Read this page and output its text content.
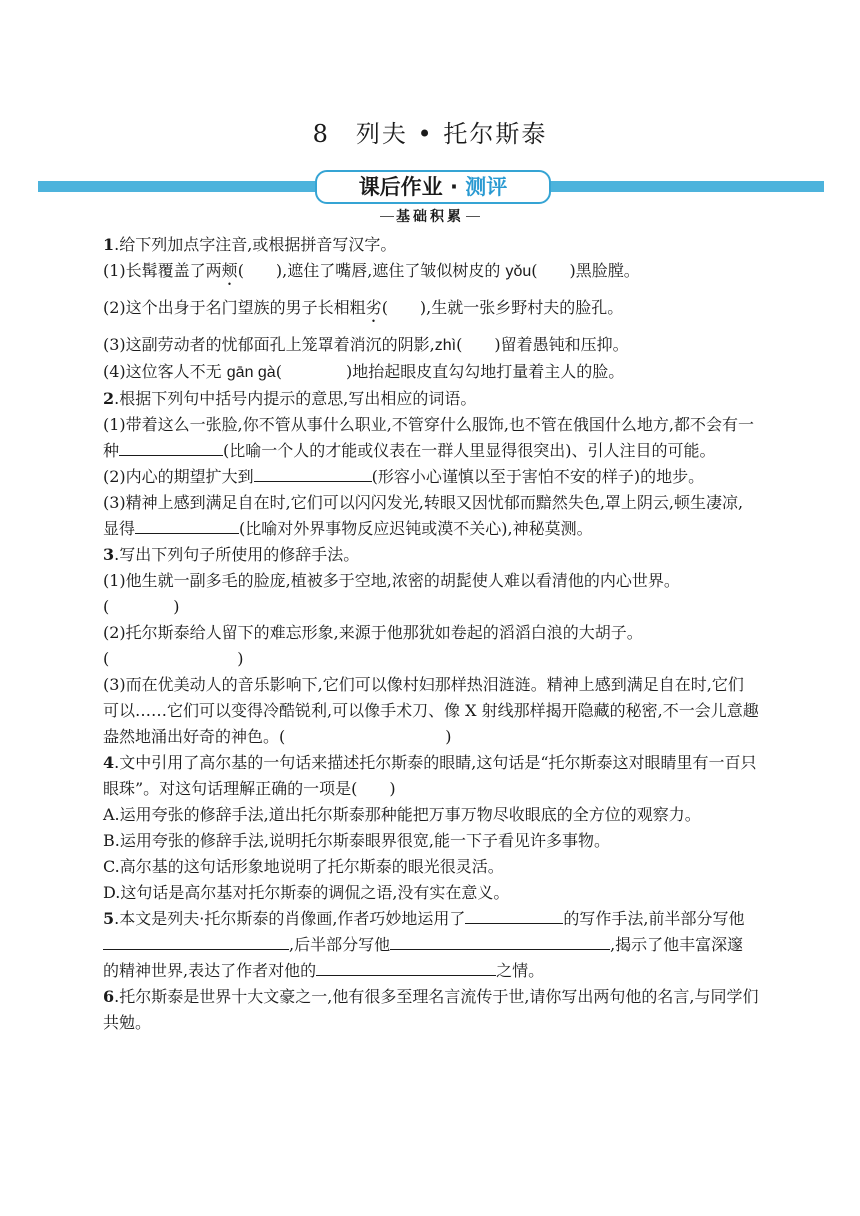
8　列夫 • 托尔斯泰
课后作业 · 测评
基础积累

1.给下列加点字注音,或根据拼音写汉字。

(1)长髯覆盖了两颊(　　),遮住了嘴唇,遮住了皱似树皮的 yǒu(　　)黑脸膛。

(2)这个出身于名门望族的男子长相粗劣(　　),生就一张乡野村夫的脸孔。

(3)这副劳动者的忧郁面孔上笼罩着消沉的阴影,zhì(　　)留着愚钝和压抑。

(4)这位客人不无 gān gà(　　　　)地抬起眼皮直勾勾地打量着主人的脸。

2.根据下列句中括号内提示的意思,写出相应的词语。

(1)带着这么一张脸,你不管从事什么职业,不管穿什么服饰,也不管在俄国什么地方,都不会有一种	(比喻一个人的才能或仪表在一群人里显得很突出)、引人注目的可能。

(2)内心的期望扩大到	(形容小心谨慎以至于害怕不安的样子)的地步。

(3)精神上感到满足自在时,它们可以闪闪发光,转眼又因忧郁而黯然失色,罩上阴云,顿生凄凉,显得	(比喻对外界事物反应迟钝或漠不关心),神秘莫测。

3.写出下列句子所使用的修辞手法。

(1)他生就一副多毛的脸庞,植被多于空地,浓密的胡髭使人难以看清他的内心世界。

(　　　　)

(2)托尔斯泰给人留下的难忘形象,来源于他那犹如卷起的滔滔白浪的大胡子。

(　　　　　　　　)

(3)而在优美动人的音乐影响下,它们可以像村妇那样热泪涟涟。精神上感到满足自在时,它们可以……它们可以变得冷酷锐利,可以像手术刀、像 X 射线那样揭开隐藏的秘密,不一会儿意趣盎然地涌出好奇的神色。(　　　　　　　　　　)

4.文中引用了高尔基的一句话来描述托尔斯泰的眼睛,这句话是“托尔斯泰这对眼睛里有一百只眼珠”。对这句话理解正确的一项是(　　)

A.运用夸张的修辞手法,道出托尔斯泰那种能把万事万物尽收眼底的全方位的观察力。

B.运用夸张的修辞手法,说明托尔斯泰眼界很宽,能一下子看见许多事物。

C.高尔基的这句话形象地说明了托尔斯泰的眼光很灵活。

D.这句话是高尔基对托尔斯泰的调侃之语,没有实在意义。

5.本文是列夫·托尔斯泰的肖像画,作者巧妙地运用了	的写作手法,前半部分写他,后半部分写他	,揭示了他丰富深邃的精神世界,表达了作者对他的	之情。

6.托尔斯泰是世界十大文豪之一,他有很多至理名言流传于世,请你写出两句他的名言,与同学们共勉。
